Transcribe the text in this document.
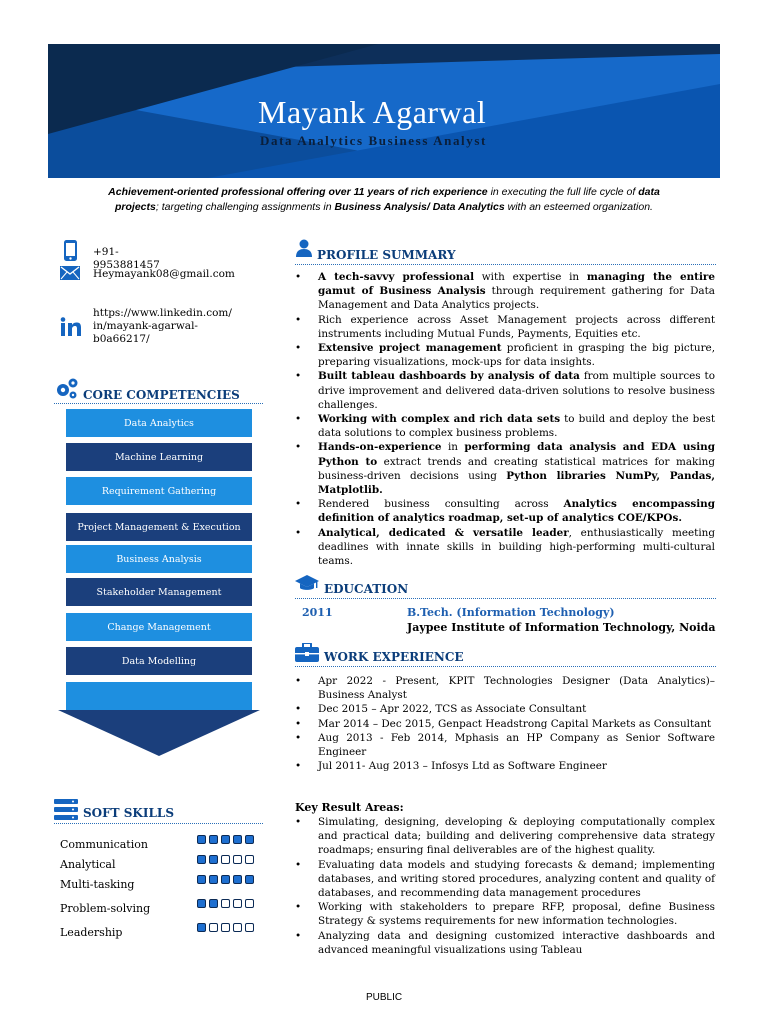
Mayank Agarwal
Data Analytics Business Analyst
Achievement-oriented professional offering over 11 years of rich experience in executing the full life cycle of data
projects; targeting challenging assignments in Business Analysis/ Data Analytics with an esteemed organization.
+91-9953881457
Heymayank08@gmail.com
https://www.linkedin.com/
in/mayank-agarwal-
b0a66217/
CORE COMPETENCIES
Data Analytics
Machine Learning
Requirement Gathering
Project Management & Execution
Business Analysis
Stakeholder Management
Change Management
Data Modelling
SOFT SKILLS
Communication
Analytical
Multi-tasking
Problem-solving
Leadership
PROFILE SUMMARY
• A tech-savvy professional with expertise in managing the entire gamut of Business Analysis through requirement gathering for Data Management and Data Analytics projects.
• Rich experience across Asset Management projects across different instruments including Mutual Funds, Payments, Equities etc.
• Extensive project management proficient in grasping the big picture, preparing visualizations, mock-ups for data insights.
• Built tableau dashboards by analysis of data from multiple sources to drive improvement and delivered data-driven solutions to resolve business challenges.
• Working with complex and rich data sets to build and deploy the best data solutions to complex business problems.
• Hands-on-experience in performing data analysis and EDA using Python to extract trends and creating statistical matrices for making business-driven decisions using Python libraries NumPy, Pandas, Matplotlib.
• Rendered business consulting across Analytics encompassing definition of analytics roadmap, set-up of analytics COE/KPOs.
• Analytical, dedicated & versatile leader, enthusiastically meeting deadlines with innate skills in building high-performing multi-cultural teams.
EDUCATION
2011	B.Tech. (Information Technology)
Jaypee Institute of Information Technology, Noida
WORK EXPERIENCE
• Apr 2022 - Present, KPIT Technologies Designer (Data Analytics)– Business Analyst
• Dec 2015 – Apr 2022, TCS as Associate Consultant
• Mar 2014 – Dec 2015, Genpact Headstrong Capital Markets as Consultant
• Aug 2013 - Feb 2014, Mphasis an HP Company as Senior Software Engineer
• Jul 2011- Aug 2013 – Infosys Ltd as Software Engineer
Key Result Areas:
• Simulating, designing, developing & deploying computationally complex and practical data; building and delivering comprehensive data strategy roadmaps; ensuring final deliverables are of the highest quality.
• Evaluating data models and studying forecasts & demand; implementing databases, and writing stored procedures, analyzing content and quality of databases, and recommending data management procedures
• Working with stakeholders to prepare RFP, proposal, define Business Strategy & systems requirements for new information technologies.
• Analyzing data and designing customized interactive dashboards and advanced meaningful visualizations using Tableau
PUBLIC
